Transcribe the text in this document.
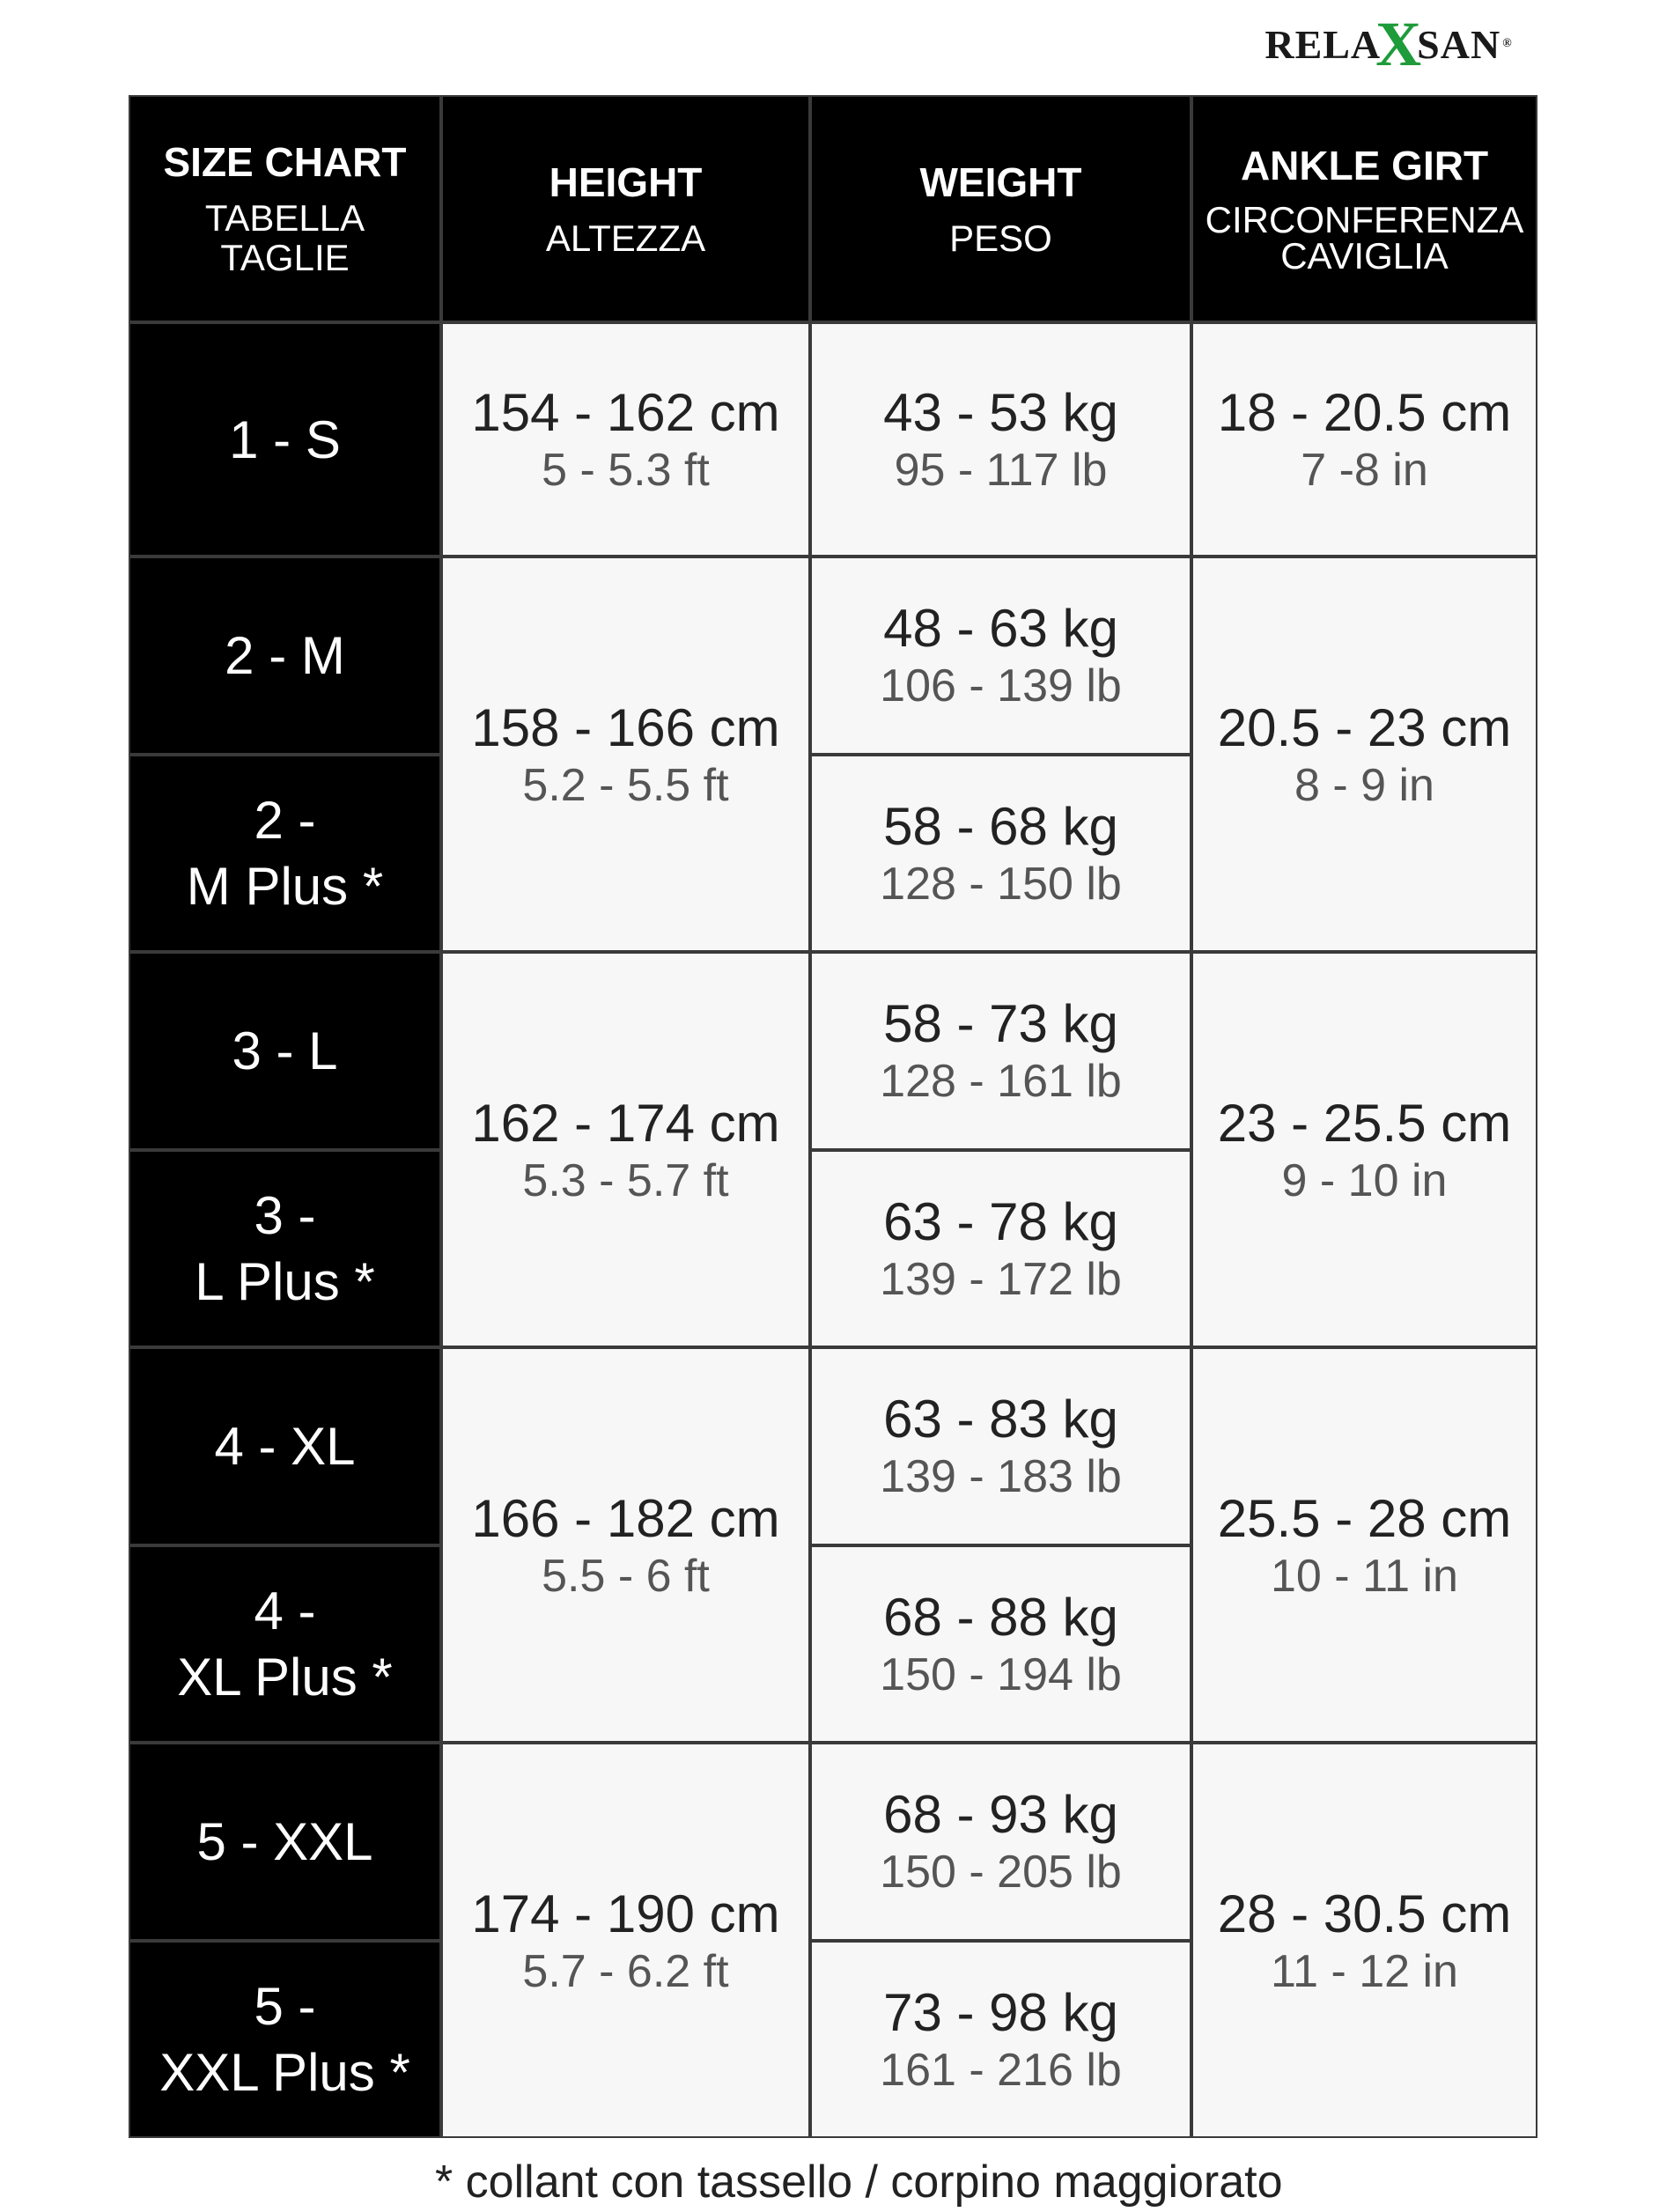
RELA
X
SAN ®
SIZE CHART
TABELLA TAGLIE
HEIGHT
ALTEZZA
WEIGHT
PESO
ANKLE GIRT
CIRCONFERENZA CAVIGLIA
1 - S
2 - M
2 -
M Plus *
3 - L
3 -
L Plus *
4 - XL
4 -
XL Plus *
5 - XXL
5 -
XXL Plus *
154 - 162 cm
5 - 5.3 ft
158 - 166 cm
5.2 - 5.5 ft
162 - 174 cm
5.3 - 5.7 ft
166 - 182 cm
5.5 - 6 ft
174 - 190 cm
5.7 - 6.2 ft
43 - 53 kg
95 - 117 lb
48 - 63 kg
106 - 139 lb
58 - 68 kg
128 - 150 lb
58 - 73 kg
128 - 161 lb
63 - 78 kg
139 - 172 lb
63 - 83 kg
139 - 183 lb
68 - 88 kg
150 - 194 lb
68 - 93 kg
150 - 205 lb
73 - 98 kg
161 - 216 lb
18 - 20.5 cm
7 -8 in
20.5 - 23 cm
8 - 9 in
23 - 25.5 cm
9 - 10 in
25.5 - 28 cm
10 - 11 in
28 - 30.5 cm
11 - 12 in
* collant con tassello / corpino maggiorato
